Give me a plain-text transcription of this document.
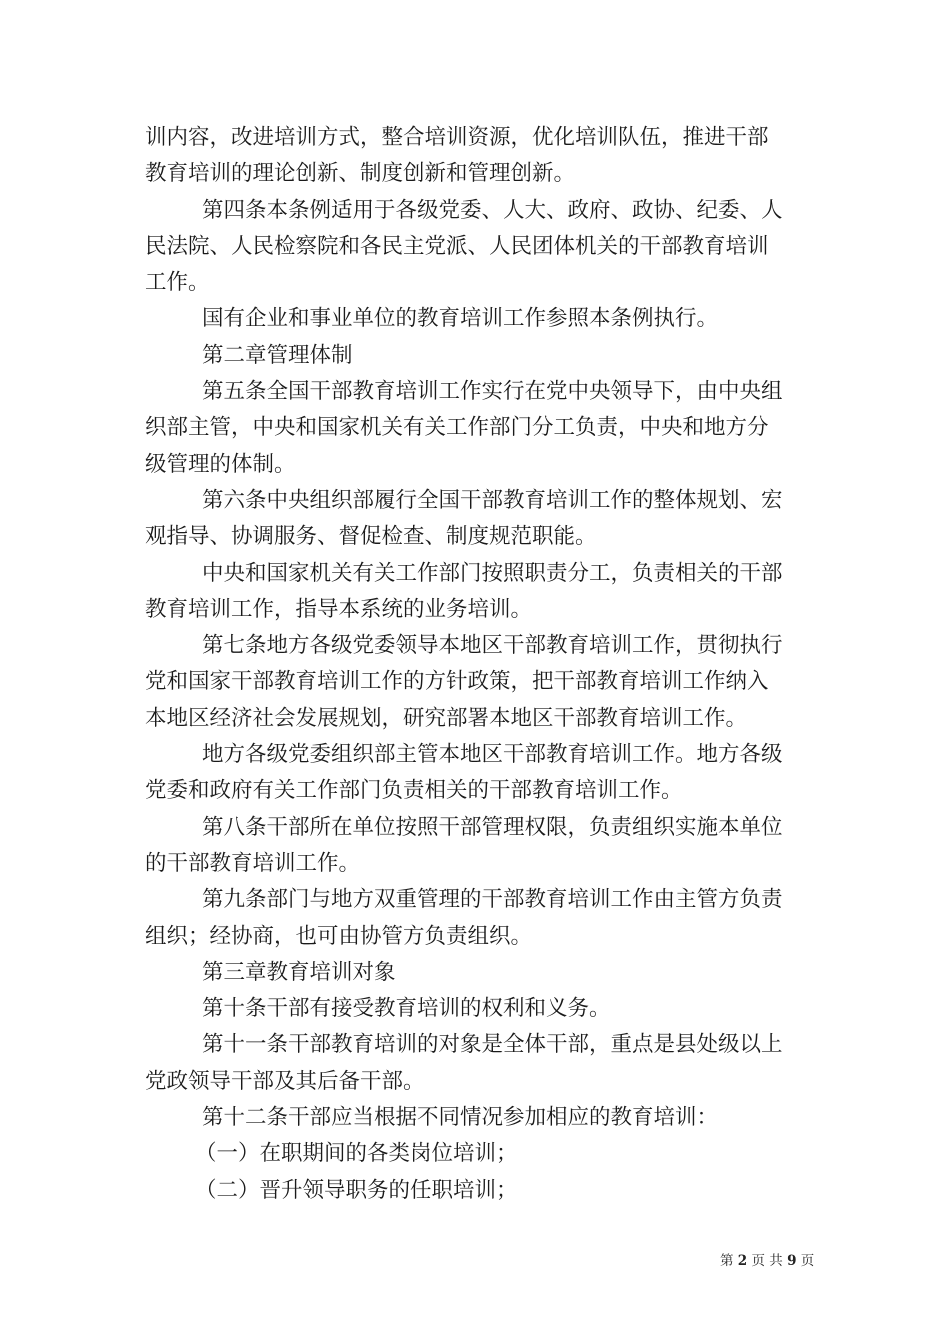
训内容，改进培训方式，整合培训资源，优化培训队伍，推进干部
教育培训的理论创新、制度创新和管理创新。
第四条本条例适用于各级党委、人大、政府、政协、纪委、人
民法院、人民检察院和各民主党派、人民团体机关的干部教育培训
工作。
国有企业和事业单位的教育培训工作参照本条例执行。
第二章管理体制
第五条全国干部教育培训工作实行在党中央领导下，由中央组
织部主管，中央和国家机关有关工作部门分工负责，中央和地方分
级管理的体制。
第六条中央组织部履行全国干部教育培训工作的整体规划、宏
观指导、协调服务、督促检查、制度规范职能。
中央和国家机关有关工作部门按照职责分工，负责相关的干部
教育培训工作，指导本系统的业务培训。
第七条地方各级党委领导本地区干部教育培训工作，贯彻执行
党和国家干部教育培训工作的方针政策，把干部教育培训工作纳入
本地区经济社会发展规划，研究部署本地区干部教育培训工作。
地方各级党委组织部主管本地区干部教育培训工作。地方各级
党委和政府有关工作部门负责相关的干部教育培训工作。
第八条干部所在单位按照干部管理权限，负责组织实施本单位
的干部教育培训工作。
第九条部门与地方双重管理的干部教育培训工作由主管方负责
组织；经协商，也可由协管方负责组织。
第三章教育培训对象
第十条干部有接受教育培训的权利和义务。
第十一条干部教育培训的对象是全体干部，重点是县处级以上
党政领导干部及其后备干部。
第十二条干部应当根据不同情况参加相应的教育培训：
（一）在职期间的各类岗位培训；
（二）晋升领导职务的任职培训；
第 2 页 共 9 页
